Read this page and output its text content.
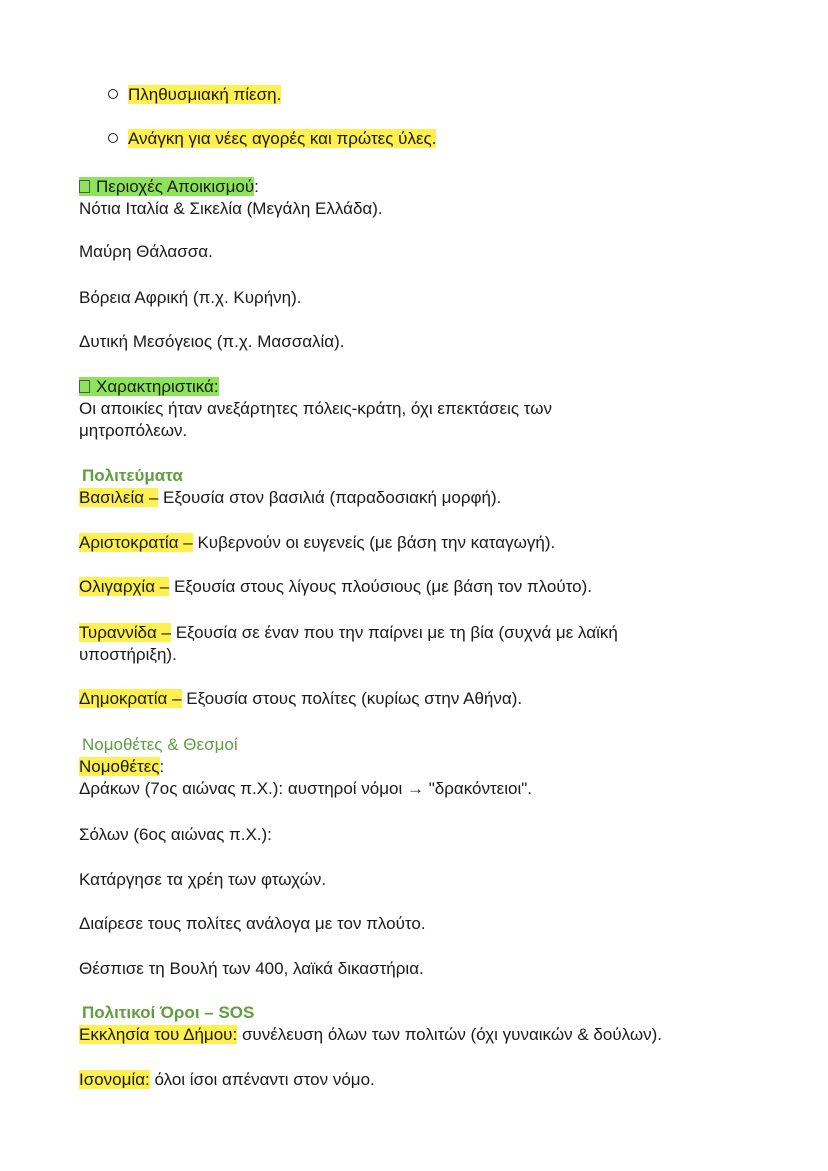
Πληθυσμιακή πίεση.
Ανάγκη για νέες αγορές και πρώτες ύλες.
Περιοχές Αποικισμού:
Νότια Ιταλία & Σικελία (Μεγάλη Ελλάδα).
Μαύρη Θάλασσα.
Βόρεια Αφρική (π.χ. Κυρήνη).
Δυτική Μεσόγειος (π.χ. Μασσαλία).
Χαρακτηριστικά:
Οι αποικίες ήταν ανεξάρτητες πόλεις-κράτη, όχι επεκτάσεις των μητροπόλεων.
Πολιτεύματα
Βασιλεία – Εξουσία στον βασιλιά (παραδοσιακή μορφή).
Αριστοκρατία – Κυβερνούν οι ευγενείς (με βάση την καταγωγή).
Ολιγαρχία – Εξουσία στους λίγους πλούσιους (με βάση τον πλούτο).
Τυραννίδα – Εξουσία σε έναν που την παίρνει με τη βία (συχνά με λαϊκή υποστήριξη).
Δημοκρατία – Εξουσία στους πολίτες (κυρίως στην Αθήνα).
Νομοθέτες & Θεσμοί
Νομοθέτες:
Δράκων (7ος αιώνας π.Χ.): αυστηροί νόμοι → "δρακόντειοι".
Σόλων (6ος αιώνας π.Χ.):
Κατάργησε τα χρέη των φτωχών.
Διαίρεσε τους πολίτες ανάλογα με τον πλούτο.
Θέσπισε τη Βουλή των 400, λαϊκά δικαστήρια.
Πολιτικοί Όροι – SOS
Εκκλησία του Δήμου: συνέλευση όλων των πολιτών (όχι γυναικών & δούλων).
Ισονομία: όλοι ίσοι απέναντι στον νόμο.
